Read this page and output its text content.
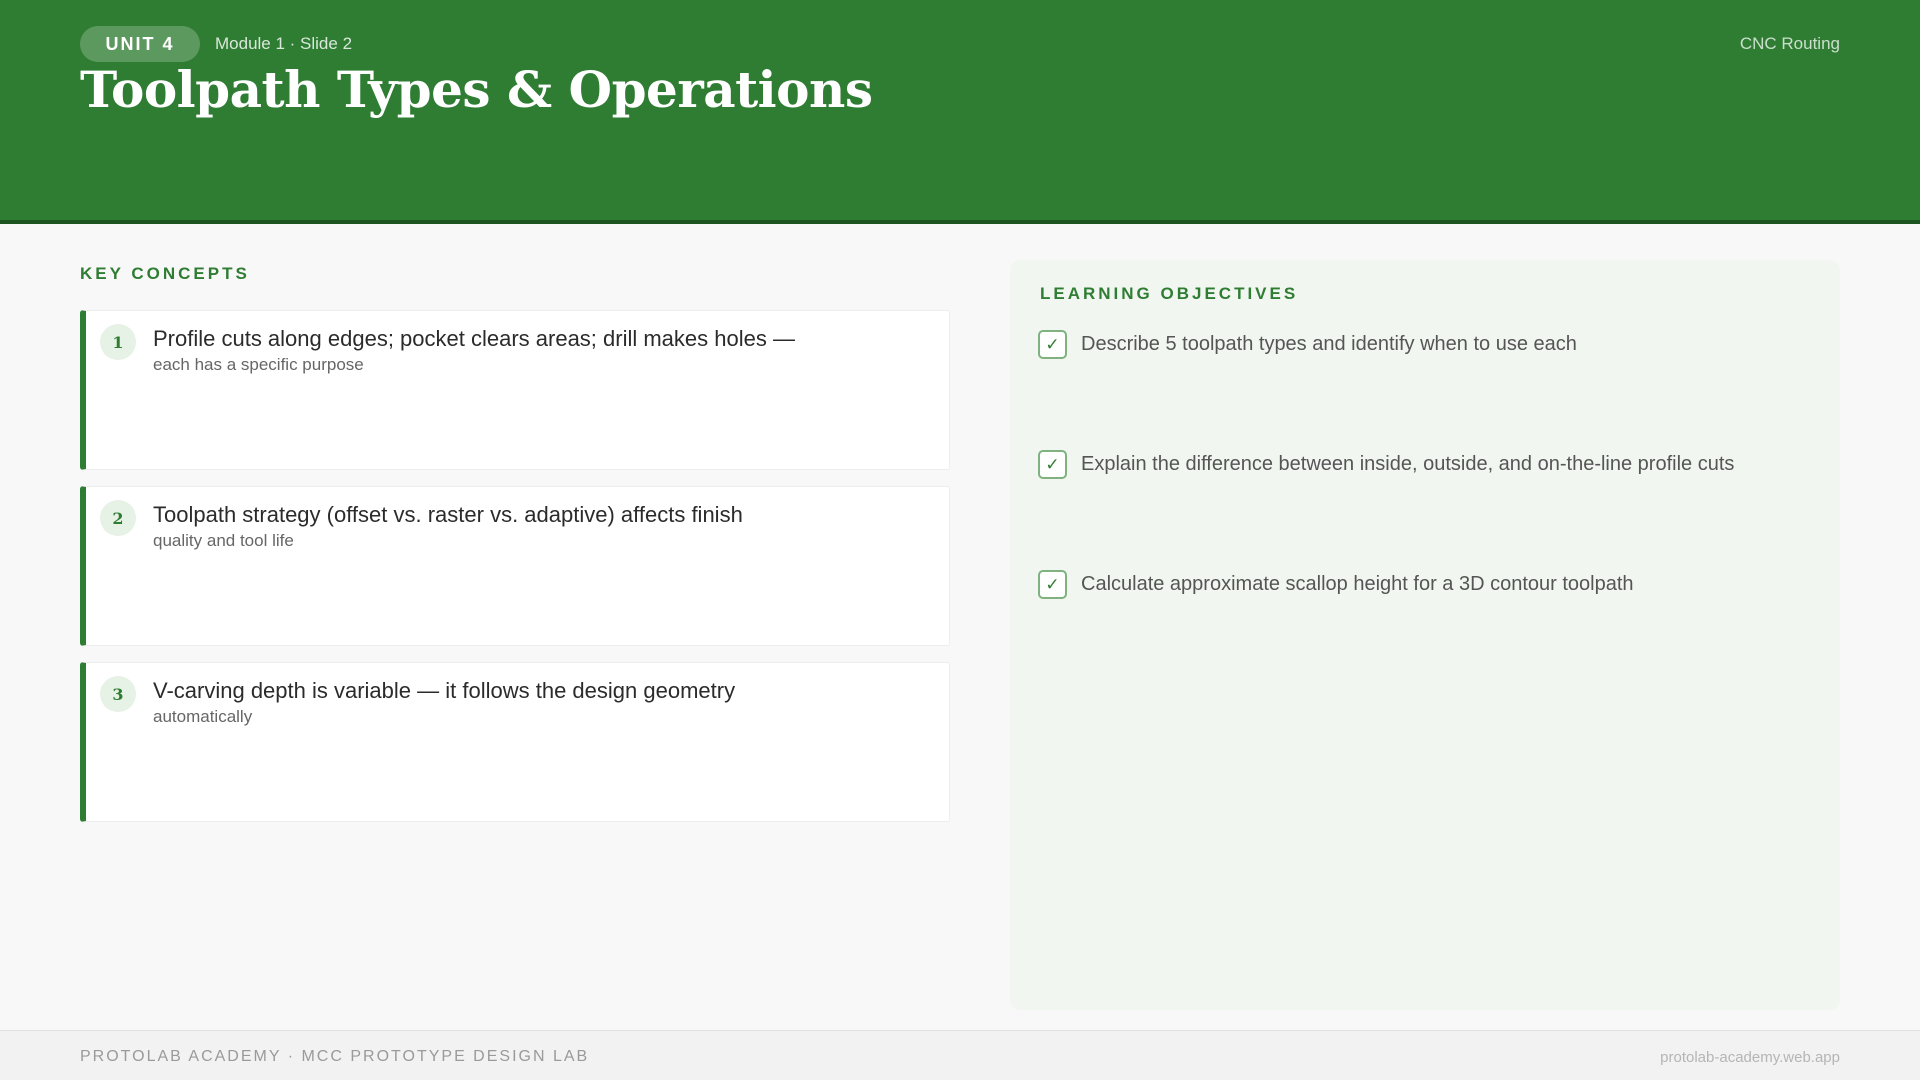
UNIT 4	Module 1 · Slide 2	CNC Routing
Toolpath Types & Operations
KEY CONCEPTS
1	Profile cuts along edges; pocket clears areas; drill makes holes —
each has a specific purpose
2	Toolpath strategy (offset vs. raster vs. adaptive) affects finish
quality and tool life
3	V-carving depth is variable — it follows the design geometry
automatically
LEARNING OBJECTIVES
✓	Describe 5 toolpath types and identify when to use each
✓	Explain the difference between inside, outside, and on-the-line profile cuts
✓	Calculate approximate scallop height for a 3D contour toolpath
PROTOLAB ACADEMY · MCC PROTOTYPE DESIGN LAB	protolab-academy.web.app
